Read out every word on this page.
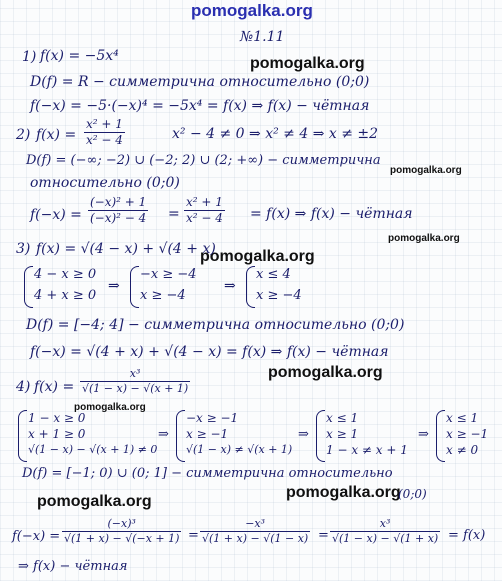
pomogalka.org
pomogalka.org
pomogalka.org
pomogalka.org
pomogalka.org
pomogalka.org
pomogalka.org
pomogalka.org
pomogalka.org
№1.11
1) f(x) = −5x⁴
D(f) = R − симметрична относительно (0;0)
f(−x) = −5·(−x)⁴ = −5x⁴ = f(x) ⇒ f(x) − чётная
2) $f(x) = \frac{\text{x² + 1}}{\text{x² − 4}}$	x² − 4 ≠ 0 ⇒ x² ≠ 4 ⇒ x ≠ ±2
D(f) = (−∞; −2) ∪ (−2; 2) ∪ (2; +∞) − симметрична
относительно (0;0)
$f(-x) = \frac{\text{(−x)² + 1}}{\text{(−x)² − 4}} = \frac{\text{x² + 1}}{\text{x² − 4}} = f(x)$ ⇒ f(x) − чётная
3) f(x) = √(4 − x) + √(4 + x)
4 − x ≥ 0
4 + x ≥ 0
⇒
−x ≥ −4
x ≥ −4
⇒
x ≤ 4
x ≥ −4
D(f) = [−4; 4] − симметрична относительно (0;0)
f(−x) = √(4 + x) + √(4 − x) = f(x) ⇒ f(x) − чётная
4) $f(x) = \frac{\text{x³}}{√(1 - x) - √(x + 1)}$
1 − x ≥ 0
x + 1 ≥ 0
√(1 − x) − √(x + 1) ≠ 0
⇒
−x ≥ −1
x ≥ −1
√(1 − x) ≠ √(x + 1)
⇒
x ≤ 1
x ≥ 1
1 − x ≠ x + 1
⇒
x ≤ 1
x ≥ −1
x ≠ 0
D(f) = [−1; 0) ∪ (0; 1] − симметрична относительно
(0;0)
$f(-x) = \frac{\text{(−x)³}}{√(1 + x) - √(-x + 1)} = \frac{\text{−x³}}{√(1 + x) - √(1 - x)} = \frac{\text{x³}}{√(1 - x) - √(1 + x)} = f(x)$
⇒ f(x) − чётная
